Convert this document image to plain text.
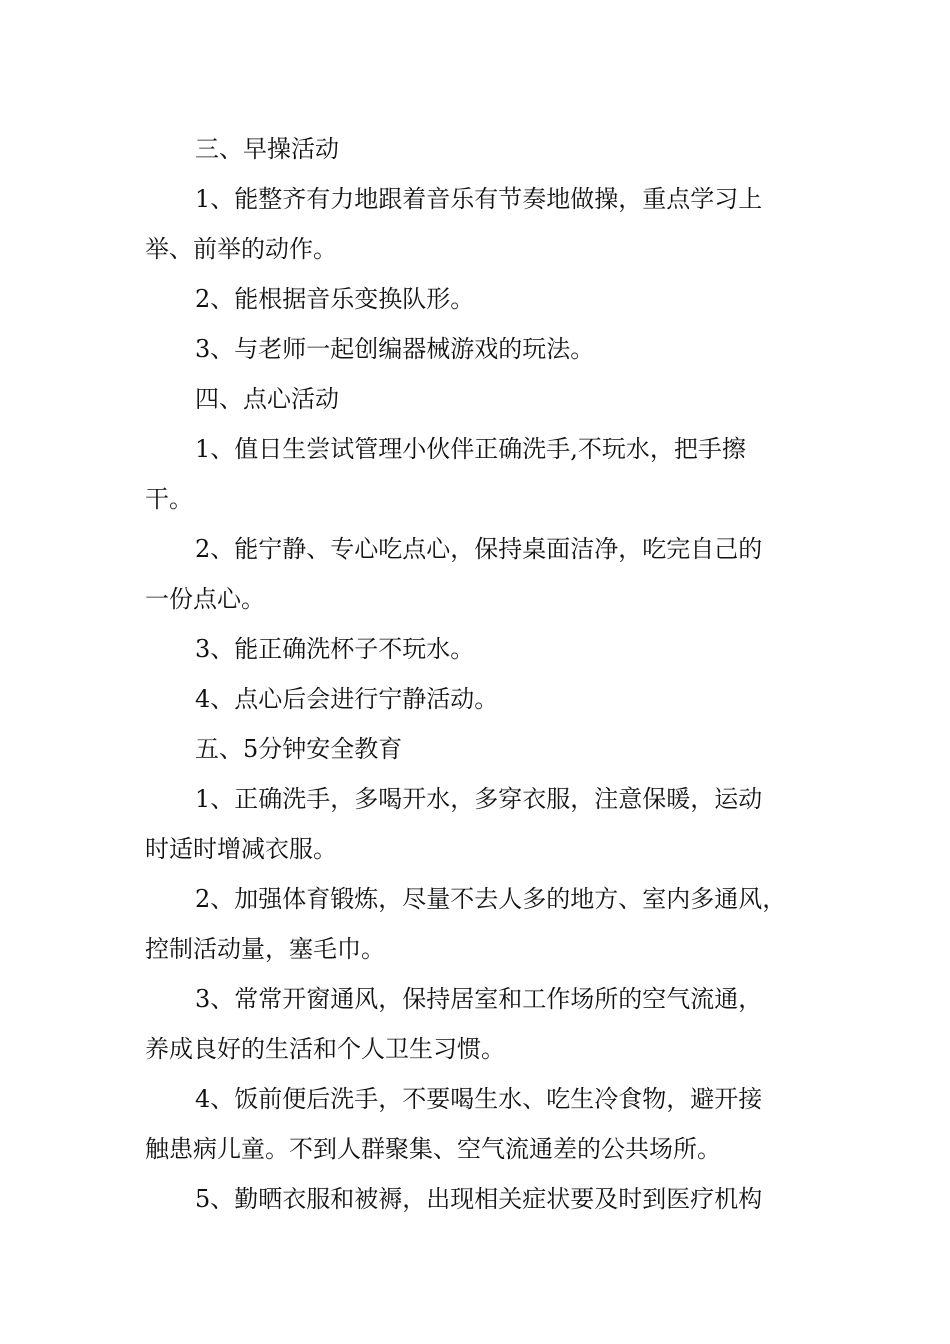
三、早操活动
1、能整齐有力地跟着音乐有节奏地做操，重点学习上
举、前举的动作。
2、能根据音乐变换队形。
3、与老师一起创编器械游戏的玩法。
四、点心活动
1、值日生尝试管理小伙伴正确洗手,不玩水，把手擦
干。
2、能宁静、专心吃点心，保持桌面洁净，吃完自己的
一份点心。
3、能正确洗杯子不玩水。
4、点心后会进行宁静活动。
五、5分钟安全教育
1、正确洗手，多喝开水，多穿衣服，注意保暖，运动
时适时增减衣服。
2、加强体育锻炼，尽量不去人多的地方、室内多通风，
控制活动量，塞毛巾。
3、常常开窗通风，保持居室和工作场所的空气流通，
养成良好的生活和个人卫生习惯。
4、饭前便后洗手，不要喝生水、吃生冷食物，避开接
触患病儿童。不到人群聚集、空气流通差的公共场所。
5、勤晒衣服和被褥，出现相关症状要及时到医疗机构
